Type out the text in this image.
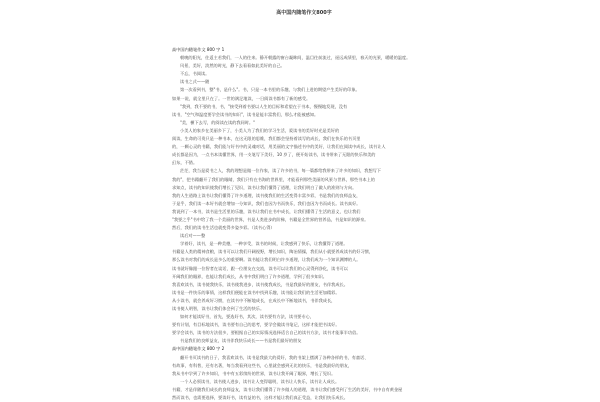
高中国内随笔作文800字
高中国内随笔作文 800 字 1
朝晚的阳光，往返主若我们，一人的往来。静开朝露的窗台凝眸间，温目往前流过，遥远成绩里，春天的光景，暖暖的温度。
风景，美好，淡然的时光，静下去看看如此美好的自己。
不忘，书阅读。
读书之式——随
第一次看到书，整"书，是什么"。书，只是一本书里的乐趣，与我们上进的期望产生美好的印象。
如果一说，就全里只在了。一世的满足地读，一日阅读书都有了新的感受。
"我到，我不要的书，书，"接受到着书要以人生的目标和希望在于书本，慢慢地发现，没有
读书，"空气和温度要学会读书的知识"，读书是能丰富我们，那么才能被感知。
"美，横下去写，的阅读在读的我同时。"
小美人的家乡在美丽乡下了，小美人为了我们的学习生活，爱读书的美好时光是美好的
阅读，生命的可贵只是一种书本，在这无限的思维，我们都会坚持着读写的成长，我们在快乐的书页里
的，一颗心灵的书籍，我们能与好书中的灵魂对话，用美丽的文字描述书中的美好，让我们在阅读中成长，读书让人
成长都是因为，一点书本读懂世界，用一支笔写下美好，10 岁了，便开始读书，读书带来了无限的快乐和美的
幻东，不错。
茫茫，我当是爱书之人，我的理想是做一位作家，读了许多的书，每一篇都给我带来了许多的知识，我想写下
我的"，把书籍翻开了我们的眼睛，我们只有在书海的世界里，才能看到那些美丽的风景与世界，那些书本上的
求知点，读书的知识使我们增长了见识，读书让我们懂得了道理，让我们明白了做人的准则与方向。
我的人生道路上读书让我们懂得了许多道理，读书使我们的生活变得丰富多彩，书是我们的良师益友，
于是乎，我们读一本好书就会增加一分知识，我们也因为书而快乐，我们也因为书而成长。读书真好。
我说到了一本书，读书是生活里的乐趣，读书让我们在书中成长，让我们懂得了生活的意义，也让我们
"我要之乎"书中给了我一个美丽的世界，书是人类进步的阶梯，书籍是全世界的营养品，书是知识的源泉。
然后，我们的读书生活也就变得多姿多彩。（读书心得）
读后对——整
学着好，读书，是一种美德，一种享受，读书的时候，让我感到了快乐，让我懂得了道理。
书籍是人类的精神食粮，读书可以让我们开阔视野，增长知识，陶冶情操，我们从小就要养成读书的好习惯，
那么读书对我们的成长是多么的重要啊。读书能让我们明白许多道理，让我们成为一个知识渊博的人。
读书就好像跟一位智者在谈话，跟一位朋友在交流，读书可以让我们的心灵得到净化，读书可以
开阔我们的眼界，也能让我们成长，从书中我们明白了许多道理，学到了很多知识。
我喜欢读书，读书使我快乐，读书使我进步，读书使我成长，书是我最好的朋友，书伴我成长。
读书是一件快乐的事情，这样我们便能在读书中找到乐趣，读书能让我们的生活更加精彩。
从小读书，就会养成好习惯，在读书中不断地成长，在成长中不断地读书，书伴我成长，
读书使人明智，读书让我们体会到了生活的快乐。
如何才能读好书，首先，要选好书，其次，读书要有方法，读书要专心，
要有计划，有目标地读书，读书要有自己的思考，要学会做读书笔记，这样才能把书读好。
要学会读书，读书的方法很多，要根据自己的实际情况选择适合自己的读书方法，读书才能事半功倍。
书是我们的良师益友，读书伴我快乐成长——书是我们最好的朋友
高中国内随笔作文 800 字 2
翻开书页读书的日子，我喜欢读书，读书是我最大的爱好，我的书架上摆满了各种各样的书，有童话、
有故事，有科普，还有名著，每当我看到这些书，心里就会感到无比的快乐，书是我最好的朋友，
我从书中学到了许多知识，书中有五彩缤纷的世界，读书让我开阔了眼界，增长了见识。
一个人必须读书，读书使人进步，读书让人变得聪明，读书让人快乐，读书让人成长。
书籍，才是伴随我们成长的良师益友，读书让我们懂得了许多做人的道理，读书让我们感受到了生活的美好，书中自有黄金屋
然而读书，也需要选择，要读好书，读有益的书，这样才能让我们真正受益，让我们快乐成长。
